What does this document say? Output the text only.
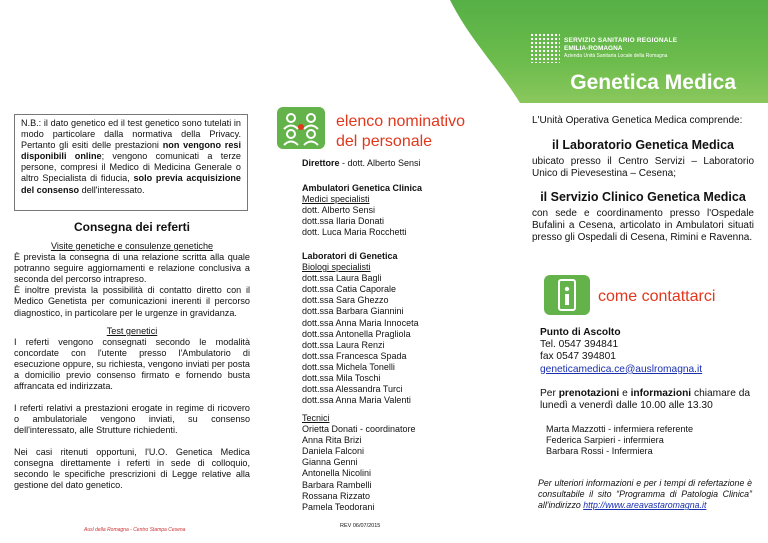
SERVIZIO SANITARIO REGIONALE
EMILIA-ROMAGNA
Azienda Unità Sanitaria Locale della Romagna
Genetica Medica
N.B.: il dato genetico ed il test genetico sono tutelati in modo particolare dalla normativa della Privacy. Pertanto gli esiti delle prestazioni non vengono resi disponibili online; vengono comunicati a terze persone, compresi il Medico di Medicina Generale o altro Specialista di fiducia, solo previa acquisizione del consenso dell'interessato.
Consegna dei referti
Visite genetiche e consulenze genetiche
È prevista la consegna di una relazione scritta alla quale potranno seguire aggiornamenti e relazione conclusiva a seconda del percorso intrapreso.
È inoltre prevista la possibilità di contatto diretto con il Medico Genetista per comunicazioni inerenti il percorso diagnostico, in particolare per le urgenze in gravidanza.
Test genetici
I referti vengono consegnati secondo le modalità concordate con l'utente presso l'Ambulatorio di esecuzione oppure, su richiesta, vengono inviati per posta a domicilio previo consenso firmato e fornendo busta affrancata ed indirizzata.
I referti relativi a prestazioni erogate in regime di ricovero o ambulatoriale vengono inviati, su consenso dell'interessato, alle Strutture richiedenti.
Nei casi ritenuti opportuni, l'U.O. Genetica Medica consegna direttamente i referti in sede di colloquio, secondo le specifiche prescrizioni di Legge relative alla gestione del dato genetico.
Ausl della Romagna - Centro Stampa Cesena
elenco nominativo
del personale
Direttore - dott. Alberto Sensi
Ambulatori Genetica Clinica
Medici specialisti
dott. Alberto Sensi
dott.ssa Ilaria Donati
dott. Luca Maria Rocchetti
Laboratori di Genetica
Biologi specialisti
dott.ssa Laura Bagli
dott.ssa Catia Caporale
dott.ssa Sara Ghezzo
dott.ssa Barbara Giannini
dott.ssa Anna Maria Innoceta
dott.ssa Antonella Pragliola
dott.ssa Laura Renzi
dott.ssa Francesca Spada
dott.ssa Michela Tonelli
dott.ssa Mila Toschi
dott.ssa Alessandra Turci
dott.ssa Anna Maria Valenti
Tecnici
Orietta Donati - coordinatore
Anna Rita Brizi
Daniela Falconi
Gianna Genni
Antonella Nicolini
Barbara Rambelli
Rossana Rizzato
Pamela Teodorani
REV 06/07/2015
L'Unità Operativa Genetica Medica comprende:
il Laboratorio Genetica Medica
ubicato presso il Centro Servizi – Laboratorio Unico di Pievesestina – Cesena;
il Servizio Clinico Genetica Medica
con sede e coordinamento presso l'Ospedale Bufalini a Cesena, articolato in Ambulatori situati presso gli Ospedali di Cesena, Rimini e Ravenna.
come contattarci
Punto di Ascolto
Tel. 0547 394841
fax 0547 394801
geneticamedica.ce@auslromagna.it
Per prenotazioni e informazioni chiamare da lunedì a venerdì dalle 10.00 alle 13.30
Marta Mazzotti - infermiera referente
Federica Sarpieri - infermiera
Barbara Rossi - Infermiera
Per ulteriori informazioni e per i tempi di refertazione è consultabile il sito “Programma di Patologia Clinica” all'indirizzo http://www.areavastaromagna.it
